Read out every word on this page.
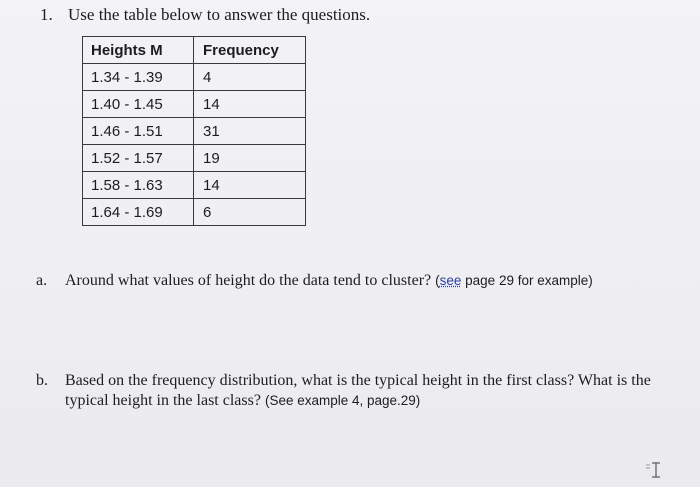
1. Use the table below to answer the questions.
Heights M	Frequency
1.34 - 1.39	4
1.40 - 1.45	14
1.46 - 1.51	31
1.52 - 1.57	19
1.58 - 1.63	14
1.64 - 1.69	6
a. Around what values of height do the data tend to cluster? (see page 29 for example)
b.	Based on the frequency distribution, what is the typical height in the first class? What is the typical height in the last class? (See example 4, page.29)
